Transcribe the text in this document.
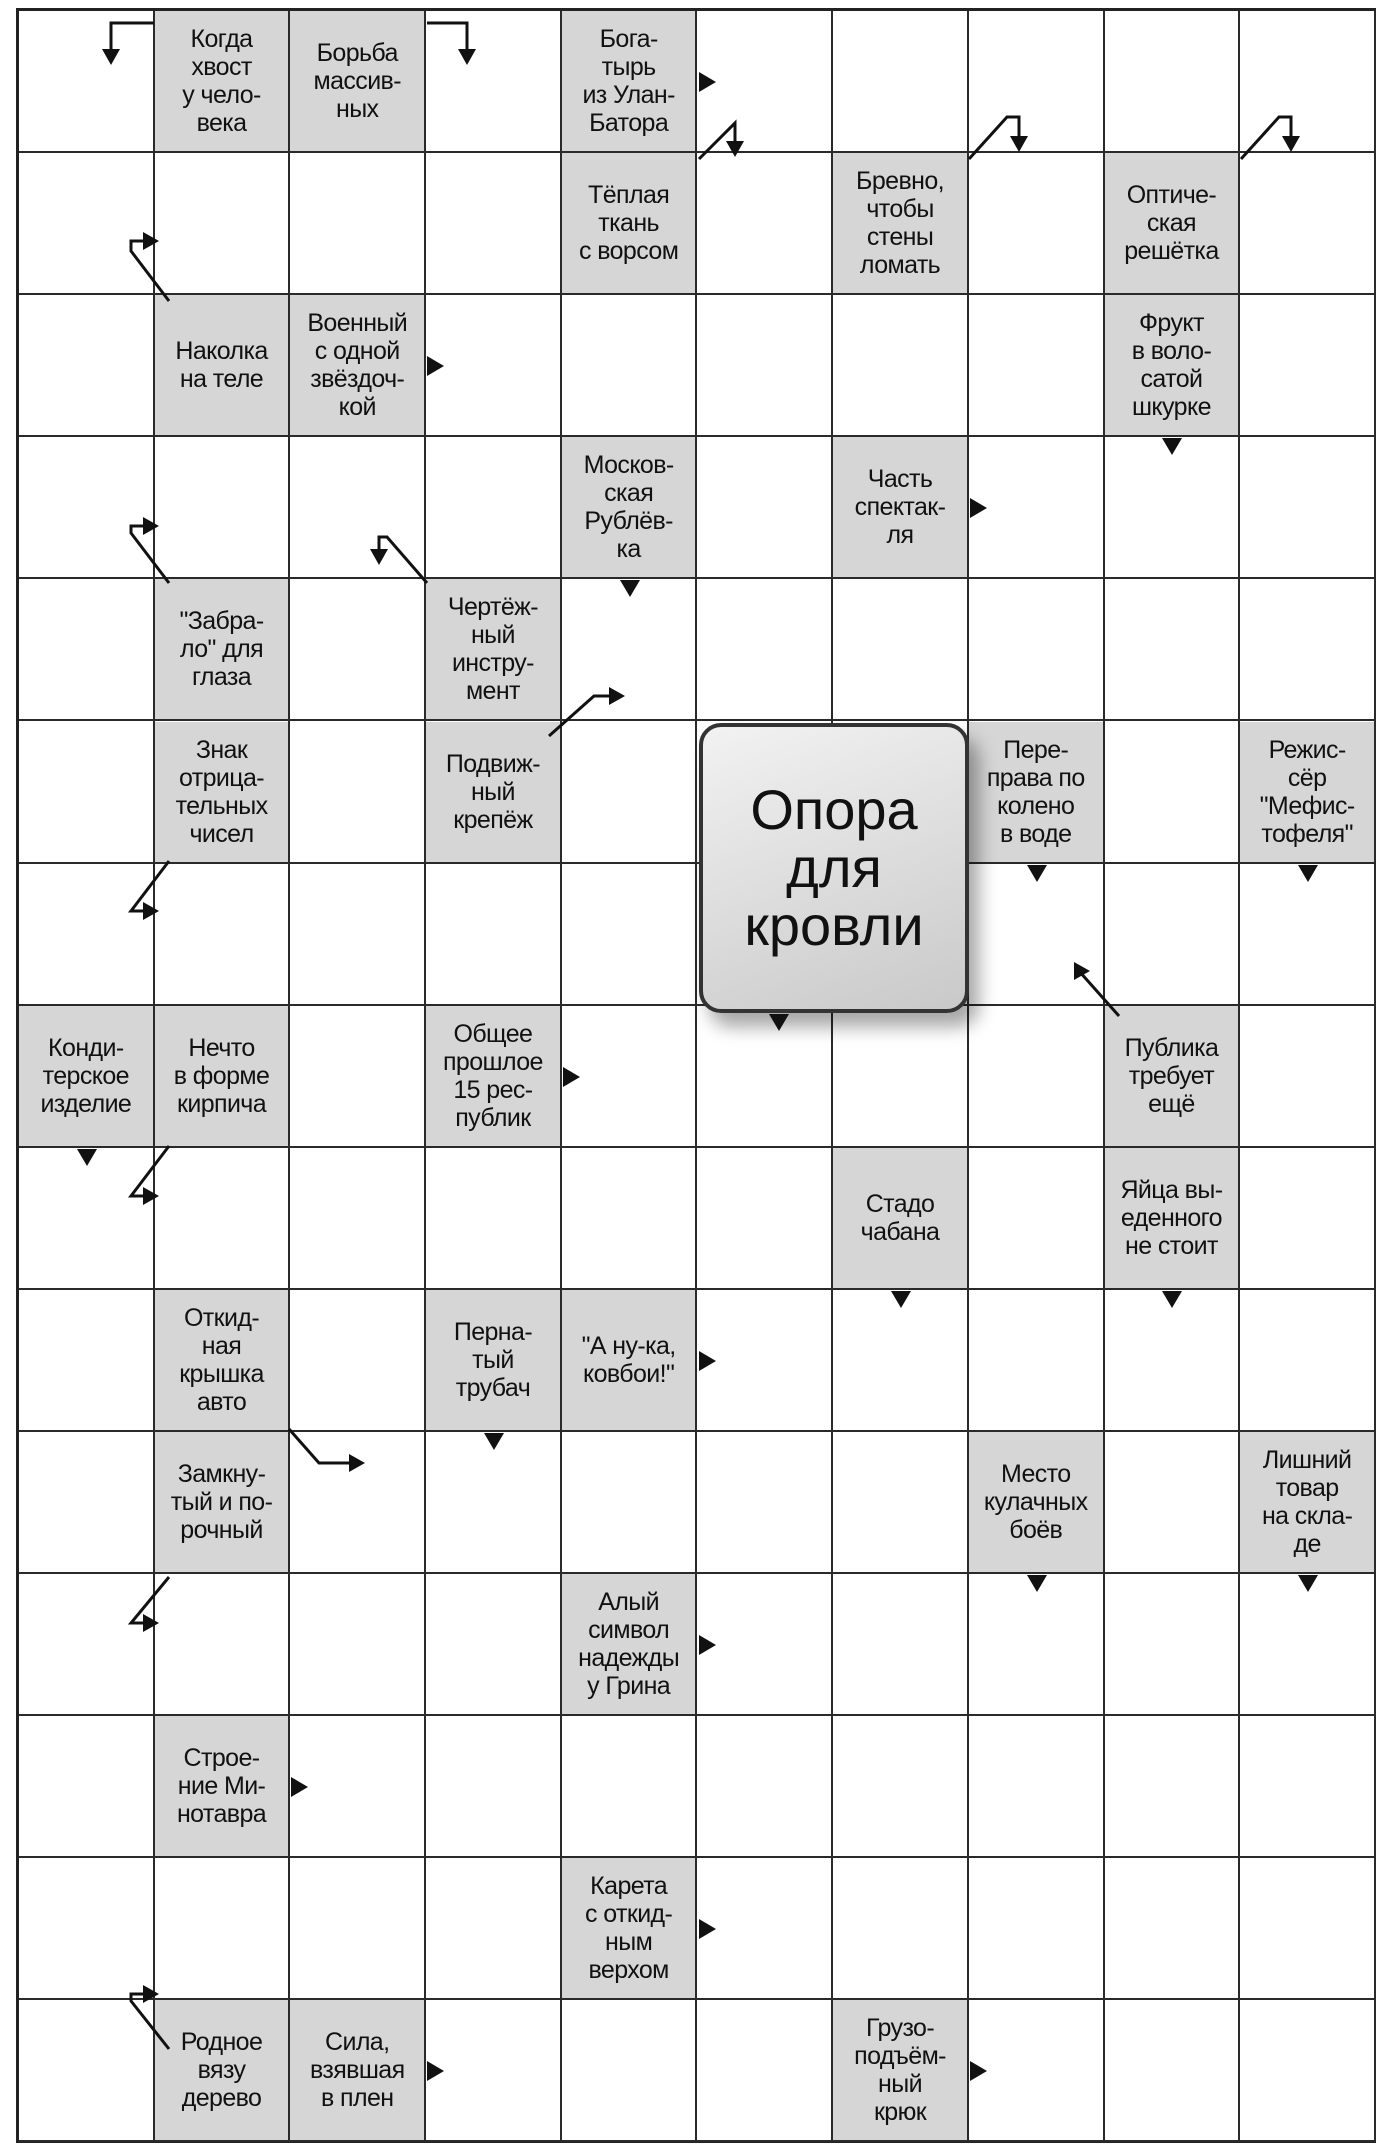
Когда
хвост
у чело-
века
Борьба
массив-
ных
Бога-
тырь
из Улан-
Батора
Тёплая
ткань
с ворсом
Бревно,
чтобы
стены
ломать
Оптиче-
ская
решётка
Наколка
на теле
Военный
с одной
звёздоч-
кой
Фрукт
в воло-
сатой
шкурке
Москов-
ская
Рублёв-
ка
Часть
спектак-
ля
"Забра-
ло" для
глаза
Чертёж-
ный
инстру-
мент
Знак
отрица-
тельных
чисел
Подвиж-
ный
крепёж
Пере-
права по
колено
в воде
Режис-
сёр
"Мефис-
тофеля"
Конди-
терское
изделие
Нечто
в форме
кирпича
Общее
прошлое
15 рес-
публик
Публика
требует
ещё
Стадо
чабана
Яйца вы-
еденного
не стоит
Откид-
ная
крышка
авто
Перна-
тый
трубач
"А ну-ка,
ковбои!"
Замкну-
тый и по-
рочный
Место
кулачных
боёв
Лишний
товар
на скла-
де
Алый
символ
надежды
у Грина
Строе-
ние Ми-
нотавра
Карета
с откид-
ным
верхом
Родное
вязу
дерево
Сила,
взявшая
в плен
Грузо-
подъём-
ный
крюк
Опора
для
кровли
